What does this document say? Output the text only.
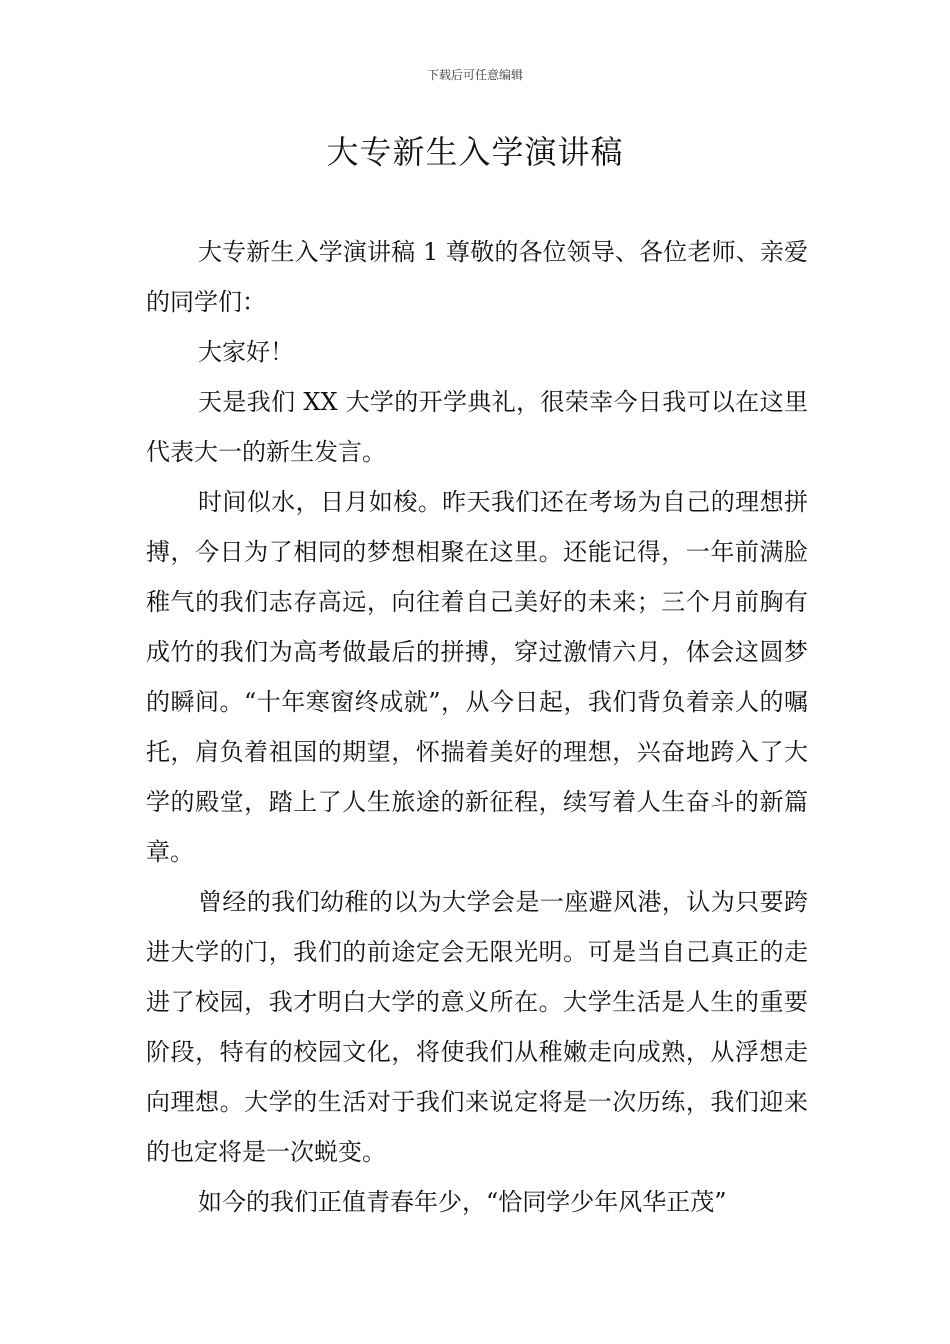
下载后可任意编辑
大专新生入学演讲稿

大专新生入学演讲稿 1 尊敬的各位领导、各位老师、亲爱的同学们：

大家好！

天是我们 XX 大学的开学典礼，很荣幸今日我可以在这里代表大一的新生发言。

时间似水，日月如梭。昨天我们还在考场为自己的理想拼搏，今日为了相同的梦想相聚在这里。还能记得，一年前满脸稚气的我们志存高远，向往着自己美好的未来；三个月前胸有成竹的我们为高考做最后的拼搏，穿过激情六月，体会这圆梦的瞬间。“十年寒窗终成就”，从今日起，我们背负着亲人的嘱托，肩负着祖国的期望，怀揣着美好的理想，兴奋地跨入了大学的殿堂，踏上了人生旅途的新征程，续写着人生奋斗的新篇章。

曾经的我们幼稚的以为大学会是一座避风港，认为只要跨进大学的门，我们的前途定会无限光明。可是当自己真正的走进了校园，我才明白大学的意义所在。大学生活是人生的重要阶段，特有的校园文化，将使我们从稚嫩走向成熟，从浮想走向理想。大学的生活对于我们来说定将是一次历练，我们迎来的也定将是一次蜕变。

如今的我们正值青春年少，“恰同学少年风华正茂”
